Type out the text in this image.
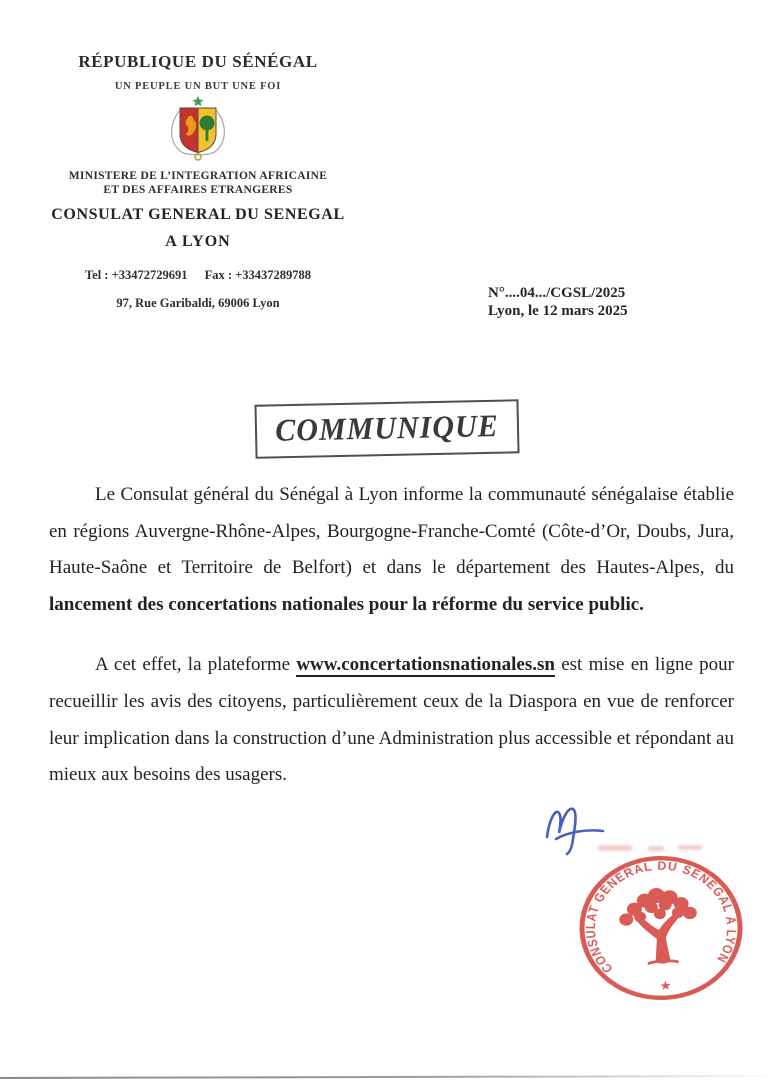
RÉPUBLIQUE DU SÉNÉGAL
UN PEUPLE UN BUT UNE FOI
MINISTERE DE L’INTEGRATION AFRICAINE
ET DES AFFAIRES ETRANGERES
CONSULAT GENERAL DU SENEGAL
A LYON
Tel : +33472729691 Fax : +33437289788
97, Rue Garibaldi, 69006 Lyon
N°....04.../CGSL/2025
Lyon, le 12 mars 2025
COMMUNIQUE

Le Consulat général du Sénégal à Lyon informe la communauté sénégalaise établie en régions Auvergne-Rhône-Alpes, Bourgogne-Franche-Comté (Côte-d’Or, Doubs, Jura, Haute-Saône et Territoire de Belfort) et dans le département des Hautes-Alpes, du lancement des concertations nationales pour la réforme du service public.

A cet effet, la plateforme www.concertationsnationales.sn est mise en ligne pour recueillir les avis des citoyens, particulièrement ceux de la Diaspora en vue de renforcer leur implication dans la construction d’une Administration plus accessible et répondant au mieux aux besoins des usagers.

CONSULAT GÉNÉRAL DU SÉNÉGAL À LYON
★
